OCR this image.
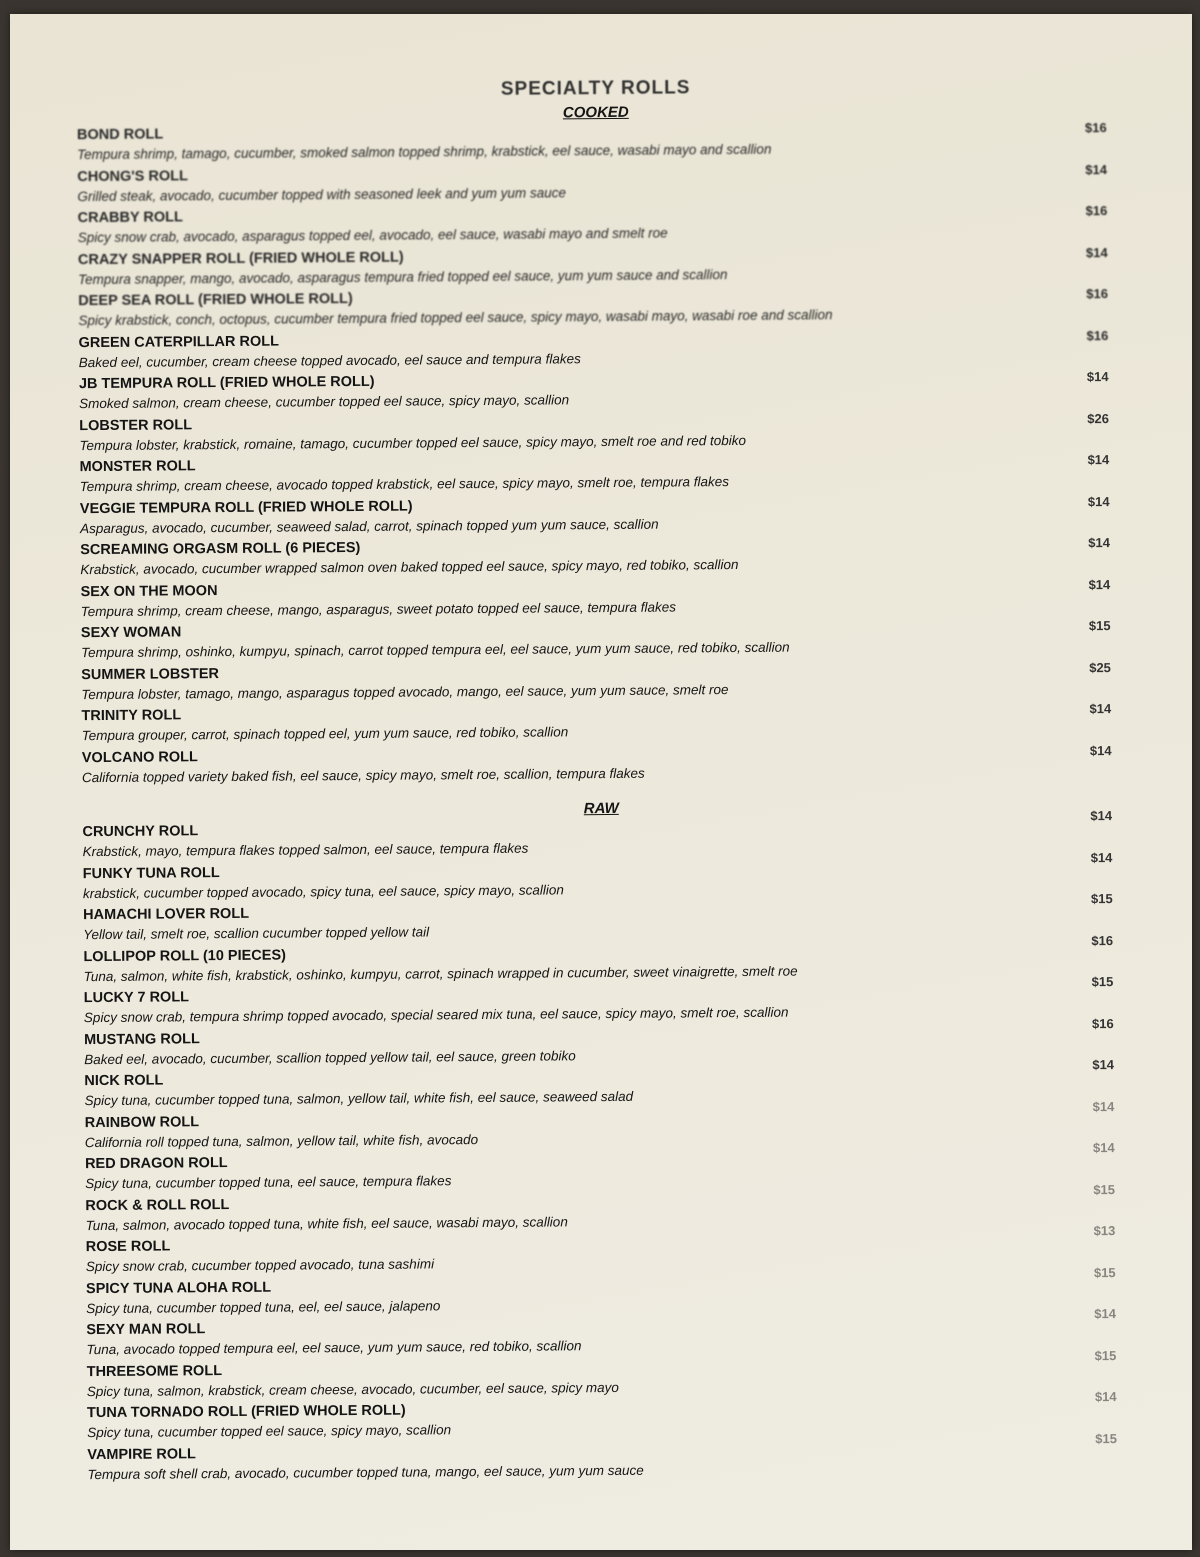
SPECIALTY ROLLS
COOKED
BOND ROLL
Tempura shrimp, tamago, cucumber, smoked salmon topped shrimp, krabstick, eel sauce, wasabi mayo and scallion
CHONG'S ROLL
Grilled steak, avocado, cucumber topped with seasoned leek and yum yum sauce
CRABBY ROLL
Spicy snow crab, avocado, asparagus topped eel, avocado, eel sauce, wasabi mayo and smelt roe
CRAZY SNAPPER ROLL (FRIED WHOLE ROLL)
Tempura snapper, mango, avocado, asparagus tempura fried topped eel sauce, yum yum sauce and scallion
DEEP SEA ROLL (FRIED WHOLE ROLL)
Spicy krabstick, conch, octopus, cucumber tempura fried topped eel sauce, spicy mayo, wasabi mayo, wasabi roe and scallion
GREEN CATERPILLAR ROLL
Baked eel, cucumber, cream cheese topped avocado, eel sauce and tempura flakes
JB TEMPURA ROLL (FRIED WHOLE ROLL)
Smoked salmon, cream cheese, cucumber topped eel sauce, spicy mayo, scallion
LOBSTER ROLL
Tempura lobster, krabstick, romaine, tamago, cucumber topped eel sauce, spicy mayo, smelt roe and red tobiko
MONSTER ROLL
Tempura shrimp, cream cheese, avocado topped krabstick, eel sauce, spicy mayo, smelt roe, tempura flakes
VEGGIE TEMPURA ROLL (FRIED WHOLE ROLL)
Asparagus, avocado, cucumber, seaweed salad, carrot, spinach topped yum yum sauce, scallion
SCREAMING ORGASM ROLL (6 PIECES)
Krabstick, avocado, cucumber wrapped salmon oven baked topped eel sauce, spicy mayo, red tobiko, scallion
SEX ON THE MOON
Tempura shrimp, cream cheese, mango, asparagus, sweet potato topped eel sauce, tempura flakes
SEXY WOMAN
Tempura shrimp, oshinko, kumpyu, spinach, carrot topped tempura eel, eel sauce, yum yum sauce, red tobiko, scallion
SUMMER LOBSTER
Tempura lobster, tamago, mango, asparagus topped avocado, mango, eel sauce, yum yum sauce, smelt roe
TRINITY ROLL
Tempura grouper, carrot, spinach topped eel, yum yum sauce, red tobiko, scallion
VOLCANO ROLL
California topped variety baked fish, eel sauce, spicy mayo, smelt roe, scallion, tempura flakes
$16
$14
$16
$14
$16
$16
$14
$26
$14
$14
$14
$14
$15
$25
$14
$14
RAW
CRUNCHY ROLL
Krabstick, mayo, tempura flakes topped salmon, eel sauce, tempura flakes
FUNKY TUNA ROLL
krabstick, cucumber topped avocado, spicy tuna, eel sauce, spicy mayo, scallion
HAMACHI LOVER ROLL
Yellow tail, smelt roe, scallion cucumber topped yellow tail
LOLLIPOP ROLL (10 PIECES)
Tuna, salmon, white fish, krabstick, oshinko, kumpyu, carrot, spinach wrapped in cucumber, sweet vinaigrette, smelt roe
LUCKY 7 ROLL
Spicy snow crab, tempura shrimp topped avocado, special seared mix tuna, eel sauce, spicy mayo, smelt roe, scallion
MUSTANG ROLL
Baked eel, avocado, cucumber, scallion topped yellow tail, eel sauce, green tobiko
NICK ROLL
Spicy tuna, cucumber topped tuna, salmon, yellow tail, white fish, eel sauce, seaweed salad
RAINBOW ROLL
California roll topped tuna, salmon, yellow tail, white fish, avocado
RED DRAGON ROLL
Spicy tuna, cucumber topped tuna, eel sauce, tempura flakes
ROCK & ROLL ROLL
Tuna, salmon, avocado topped tuna, white fish, eel sauce, wasabi mayo, scallion
ROSE ROLL
Spicy snow crab, cucumber topped avocado, tuna sashimi
SPICY TUNA ALOHA ROLL
Spicy tuna, cucumber topped tuna, eel, eel sauce, jalapeno
SEXY MAN ROLL
Tuna, avocado topped tempura eel, eel sauce, yum yum sauce, red tobiko, scallion
THREESOME ROLL
Spicy tuna, salmon, krabstick, cream cheese, avocado, cucumber, eel sauce, spicy mayo
TUNA TORNADO ROLL (FRIED WHOLE ROLL)
Spicy tuna, cucumber topped eel sauce, spicy mayo, scallion
VAMPIRE ROLL
Tempura soft shell crab, avocado, cucumber topped tuna, mango, eel sauce, yum yum sauce
$14
$14
$15
$16
$15
$16
$14
$14
$14
$15
$13
$15
$14
$15
$14
$15
